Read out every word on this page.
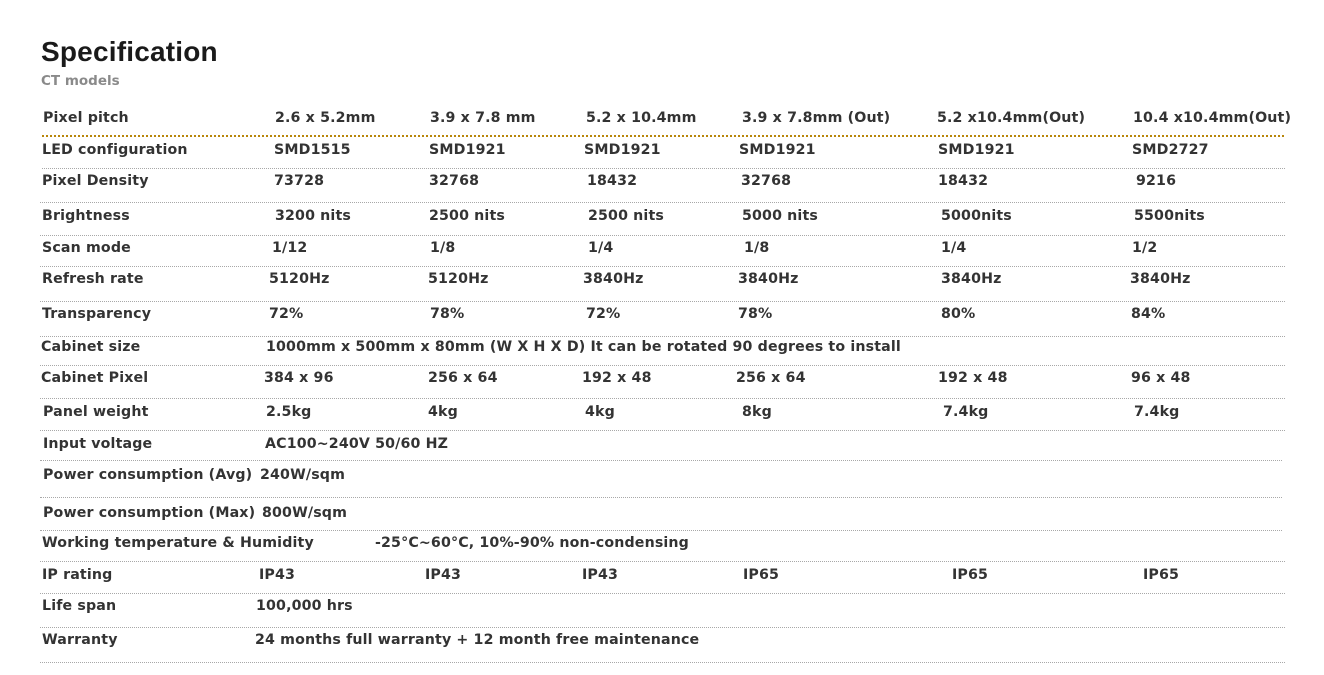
Specification
CT models
Pixel pitch	2.6 x 5.2mm	3.9 x 7.8 mm	5.2 x 10.4mm	3.9 x 7.8mm (Out)	5.2 x10.4mm(Out)	10.4 x10.4mm(Out)
LED configuration	SMD1515	SMD1921	SMD1921	SMD1921	SMD1921	SMD2727
Pixel Density	73728	32768	18432	32768	18432	9216
Brightness	3200 nits	2500 nits	2500 nits	5000 nits	5000nits	5500nits
Scan mode	1/12	1/8	1/4	1/8	1/4	1/2
Refresh rate	5120Hz	5120Hz	3840Hz	3840Hz	3840Hz	3840Hz
Transparency	72%	78%	72%	78%	80%	84%
Cabinet size	1000mm x 500mm x 80mm (W X H X D) It can be rotated 90 degrees to install
Cabinet Pixel	384 x 96	256 x 64	192 x 48	256 x 64	192 x 48	96 x 48
Panel weight	2.5kg	4kg	4kg	8kg	7.4kg	7.4kg
Input voltage	AC100~240V 50/60 HZ
Power consumption (Avg) 240W/sqm
Power consumption (Max) 800W/sqm
Working temperature & Humidity	-25°C~60°C, 10%-90% non-condensing
IP rating	IP43	IP43	IP43	IP65	IP65	IP65
Life span	100,000 hrs
Warranty	24 months full warranty + 12 month free maintenance
